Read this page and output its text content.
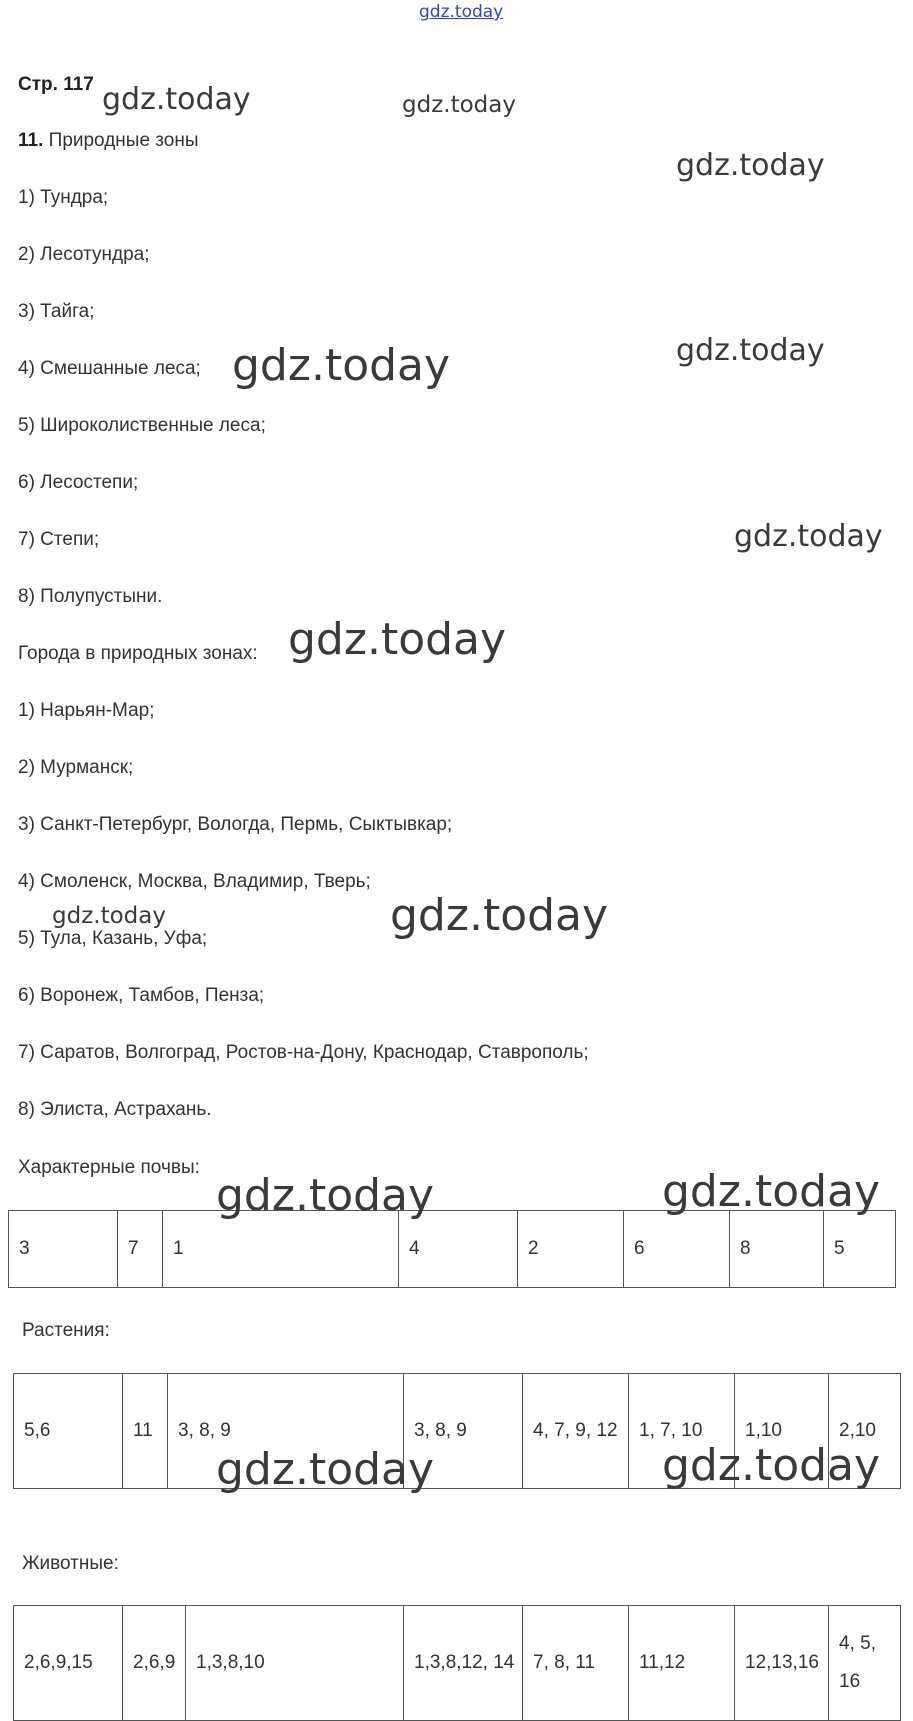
gdz.today
Стр. 117
11. Природные зоны
1) Тундра;
2) Лесотундра;
3) Тайга;
4) Смешанные леса;
5) Широколиственные леса;
6) Лесостепи;
7) Степи;
8) Полупустыни.
Города в природных зонах:
1) Нарьян-Мар;
2) Мурманск;
3) Санкт-Петербург, Вологда, Пермь, Сыктывкар;
4) Смоленск, Москва, Владимир, Тверь;
5) Тула, Казань, Уфа;
6) Воронеж, Тамбов, Пенза;
7) Саратов, Волгоград, Ростов-на-Дону, Краснодар, Ставрополь;
8) Элиста, Астрахань.
Характерные почвы:
3	7	1	4	2	6	8	5
Растения:
5,6	11	3, 8, 9	3, 8, 9	4, 7, 9, 12	1, 7, 10	1,10	2,10
Животные:
2,6,9,15	2,6,9	1,3,8,10	1,3,8,12, 14	7, 8, 11	11,12	12,13,16	4, 5, 16
gdz.today	gdz.today
gdz.today
gdz.today
gdz.today
gdz.today
gdz.today
gdz.today	gdz.today
gdz.today	gdz.today
gdz.today	gdz.today
